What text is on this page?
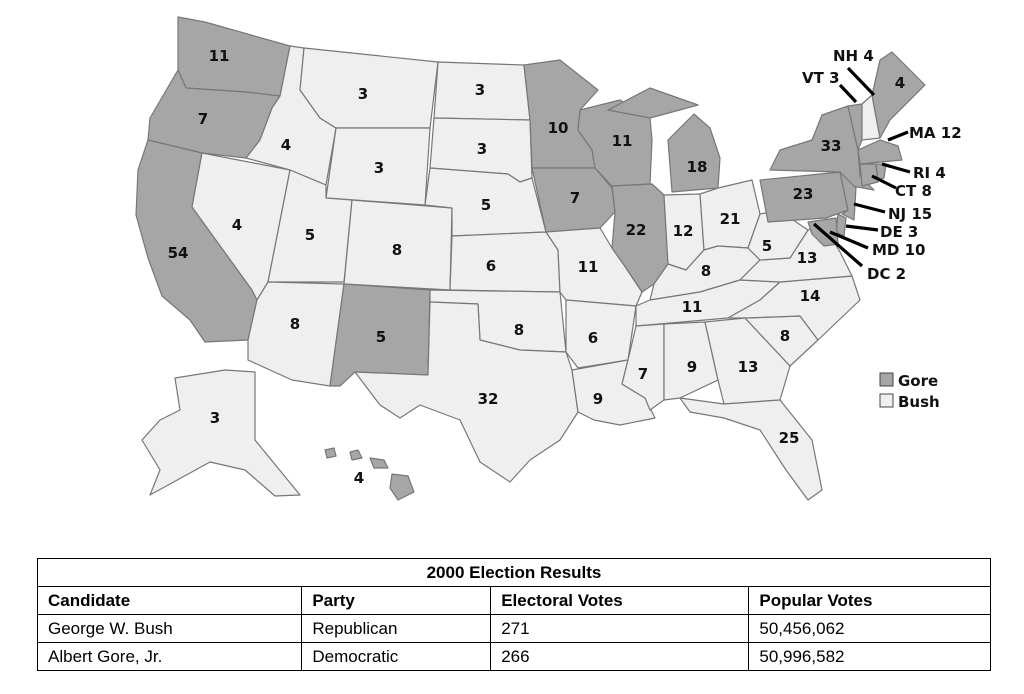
11
7
54
4
4
3
3
5
8
8
5
3
3
5
6
8
32
10
7
11
6
9
11
22
18
12
21
8
11
7	9	13
25
8
14
13
5
23
33
4
3
4
NH 4
VT 3
MA 12
RI 4
CT 8
NJ 15
DE 3
MD 10
DC 2
Gore
Bush
2000 Election Results			
Candidate	Party	Electoral Votes	Popular Votes
George W. Bush	Republican	271	50,456,062
Albert Gore, Jr.	Democratic	266	50,996,582
